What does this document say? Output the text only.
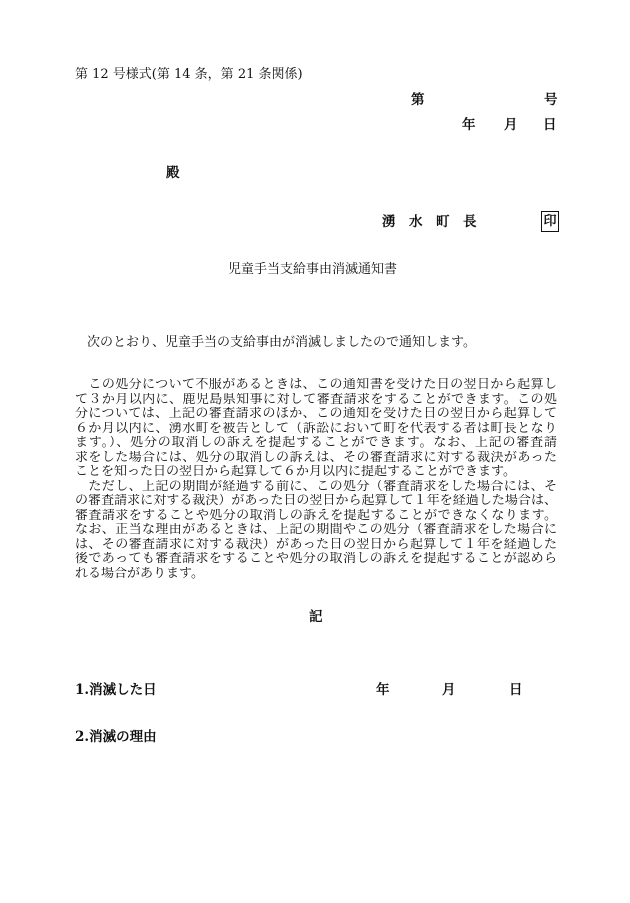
第 12 号様式(第 14 条，第 21 条関係)
第	号
年 月 日
殿
湧　水　町　長	印
児童手当支給事由消滅通知書
次のとおり、児童手当の支給事由が消滅しましたので通知します。
　この処分について不服があるときは、この通知書を受けた日の翌日から起算し
て３か月以内に、鹿児島県知事に対して審査請求をすることができます。この処
分については、上記の審査請求のほか、この通知を受けた日の翌日から起算して
６か月以内に、湧水町を被告として（訴訟において町を代表する者は町長となり
ます。）、処分の取消しの訴えを提起することができます。なお、上記の審査請
求をした場合には、処分の取消しの訴えは、その審査請求に対する裁決があった
ことを知った日の翌日から起算して６か月以内に提起することができます。
　ただし、上記の期間が経過する前に、この処分（審査請求をした場合には、そ
の審査請求に対する裁決）があった日の翌日から起算して１年を経過した場合は、
審査請求をすることや処分の取消しの訴えを提起することができなくなります。
なお、正当な理由があるときは、上記の期間やこの処分（審査請求をした場合に
は、その審査請求に対する裁決）があった日の翌日から起算して１年を経過した
後であっても審査請求をすることや処分の取消しの訴えを提起することが認めら
れる場合があります。
記
1.消滅した日	年	月	日
2.消滅の理由
